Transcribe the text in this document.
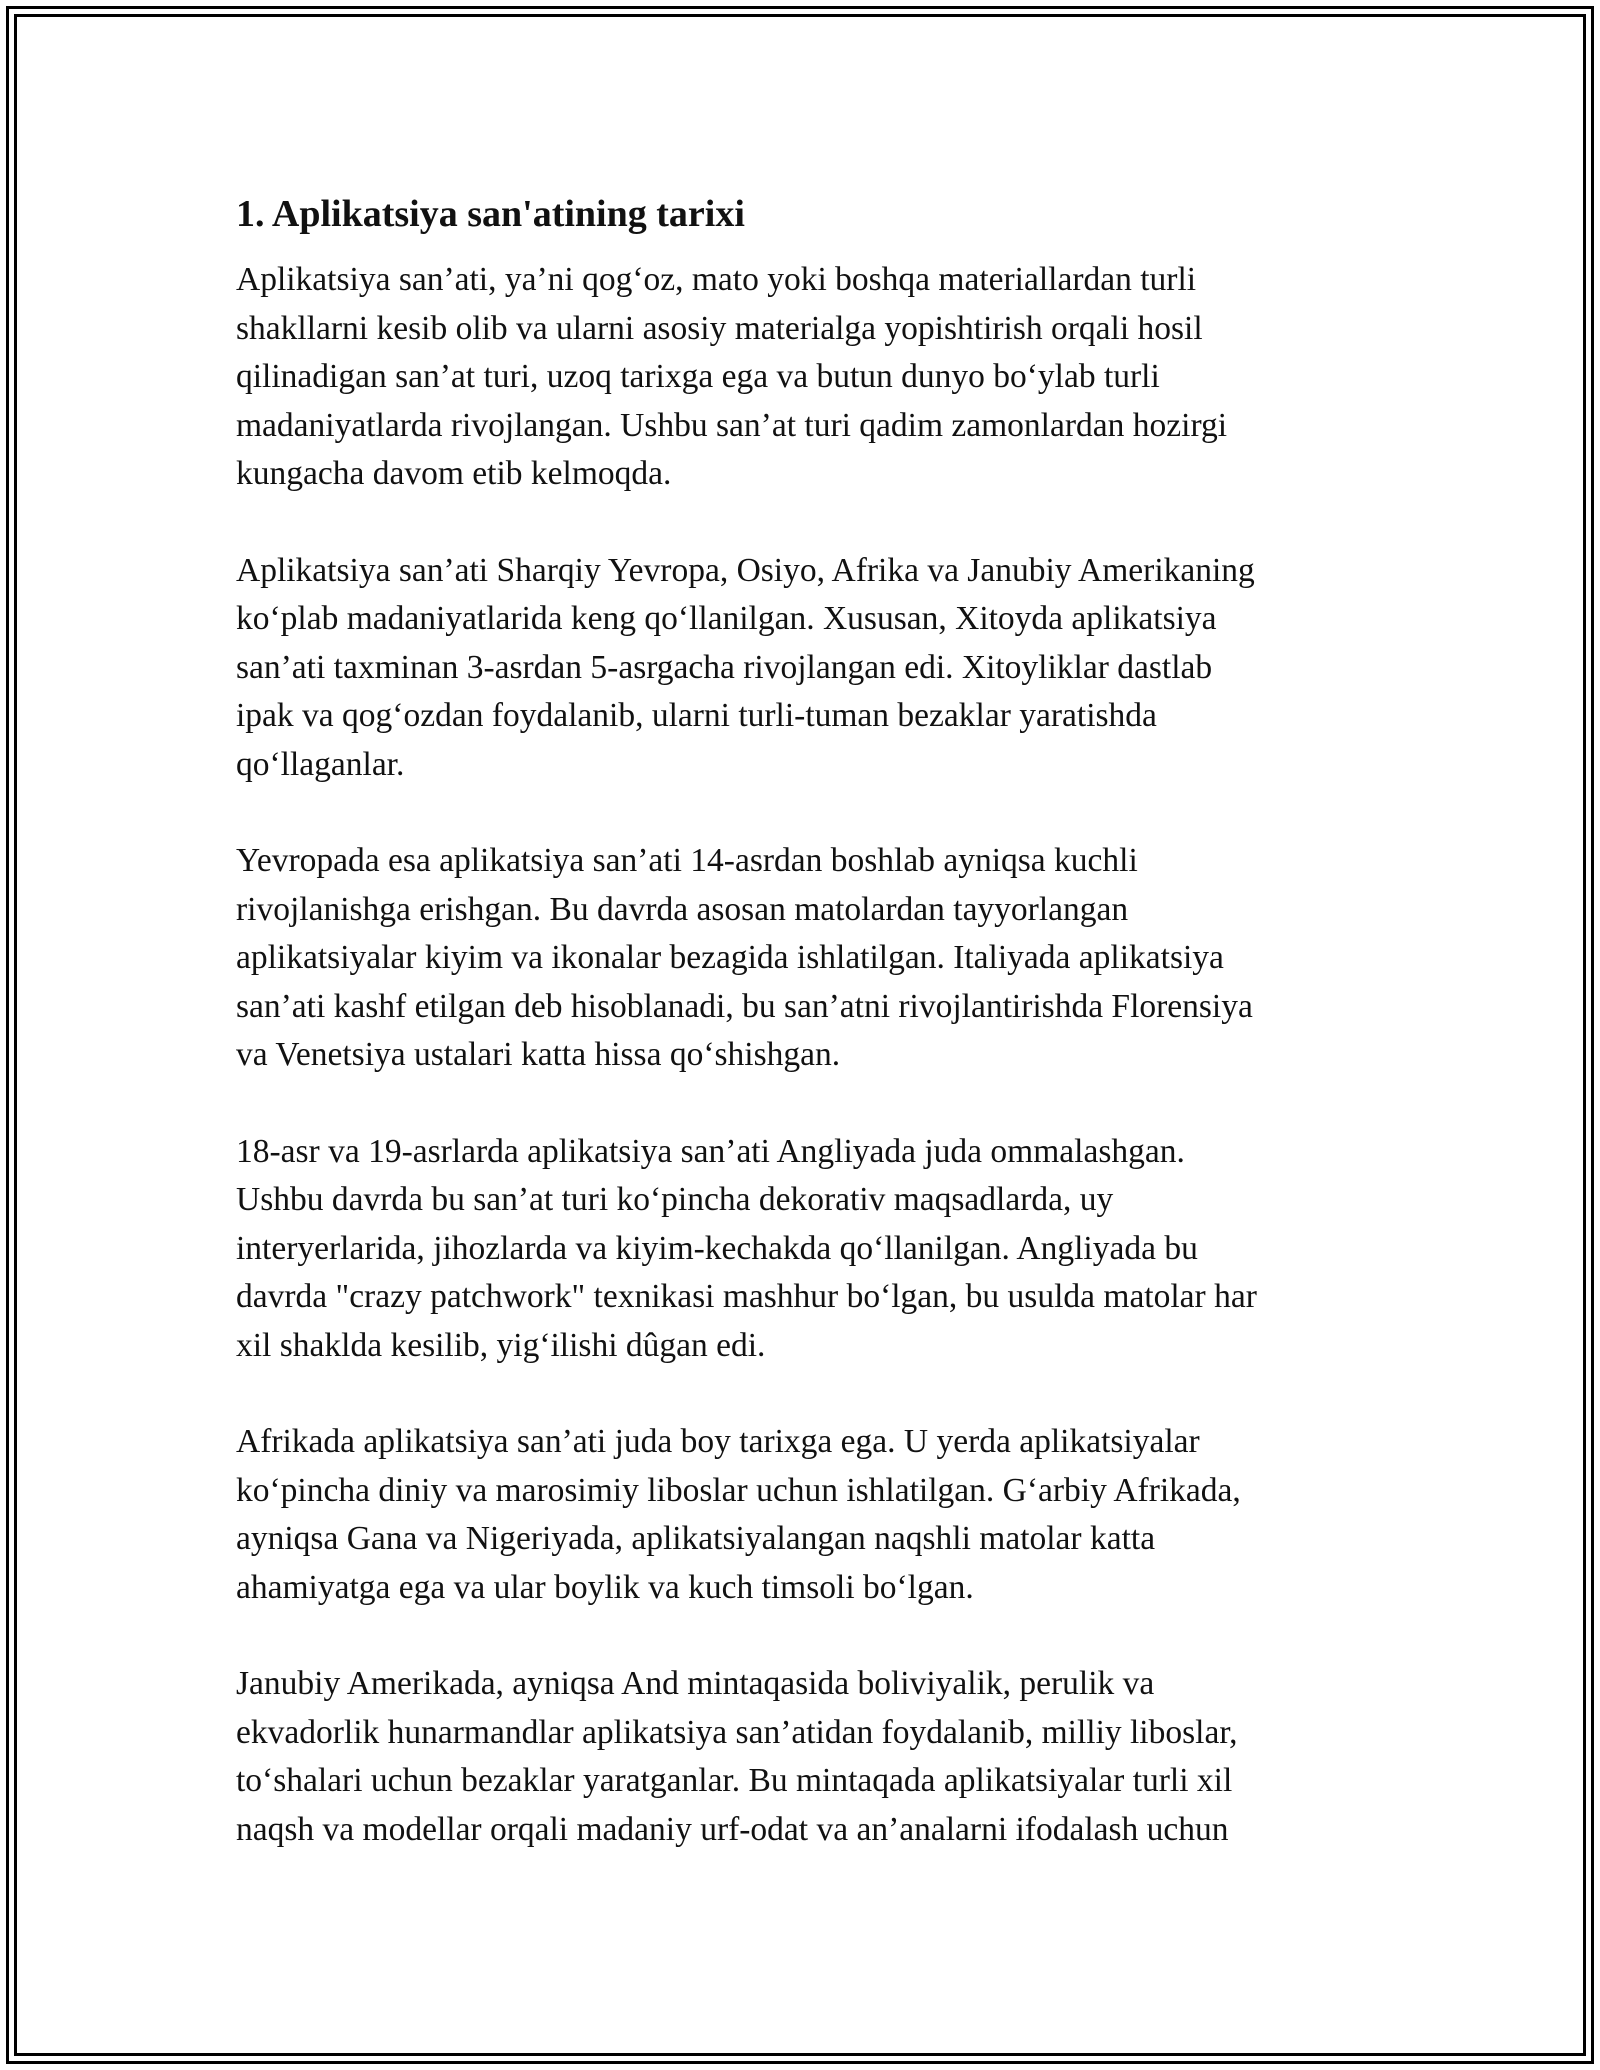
1. Aplikatsiya san'atining tarixi

Aplikatsiya san’ati, ya’ni qog‘oz, mato yoki boshqa materiallardan turli
shakllarni kesib olib va ularni asosiy materialga yopishtirish orqali hosil
qilinadigan san’at turi, uzoq tarixga ega va butun dunyo bo‘ylab turli
madaniyatlarda rivojlangan. Ushbu san’at turi qadim zamonlardan hozirgi
kungacha davom etib kelmoqda.

Aplikatsiya san’ati Sharqiy Yevropa, Osiyo, Afrika va Janubiy Amerikaning
ko‘plab madaniyatlarida keng qo‘llanilgan. Xususan, Xitoyda aplikatsiya
san’ati taxminan 3-asrdan 5-asrgacha rivojlangan edi. Xitoyliklar dastlab
ipak va qog‘ozdan foydalanib, ularni turli-tuman bezaklar yaratishda
qo‘llaganlar.

Yevropada esa aplikatsiya san’ati 14-asrdan boshlab ayniqsa kuchli
rivojlanishga erishgan. Bu davrda asosan matolardan tayyorlangan
aplikatsiyalar kiyim va ikonalar bezagida ishlatilgan. Italiyada aplikatsiya
san’ati kashf etilgan deb hisoblanadi, bu san’atni rivojlantirishda Florensiya
va Venetsiya ustalari katta hissa qo‘shishgan.

18-asr va 19-asrlarda aplikatsiya san’ati Angliyada juda ommalashgan.
Ushbu davrda bu san’at turi ko‘pincha dekorativ maqsadlarda, uy
interyerlarida, jihozlarda va kiyim-kechakda qo‘llanilgan. Angliyada bu
davrda "crazy patchwork" texnikasi mashhur bo‘lgan, bu usulda matolar har
xil shaklda kesilib, yig‘ilishi dûgan edi.

Afrikada aplikatsiya san’ati juda boy tarixga ega. U yerda aplikatsiyalar
ko‘pincha diniy va marosimiy liboslar uchun ishlatilgan. G‘arbiy Afrikada,
ayniqsa Gana va Nigeriyada, aplikatsiyalangan naqshli matolar katta
ahamiyatga ega va ular boylik va kuch timsoli bo‘lgan.

Janubiy Amerikada, ayniqsa And mintaqasida boliviyalik, perulik va
ekvadorlik hunarmandlar aplikatsiya san’atidan foydalanib, milliy liboslar,
to‘shalari uchun bezaklar yaratganlar. Bu mintaqada aplikatsiyalar turli xil
naqsh va modellar orqali madaniy urf-odat va an’analarni ifodalash uchun
